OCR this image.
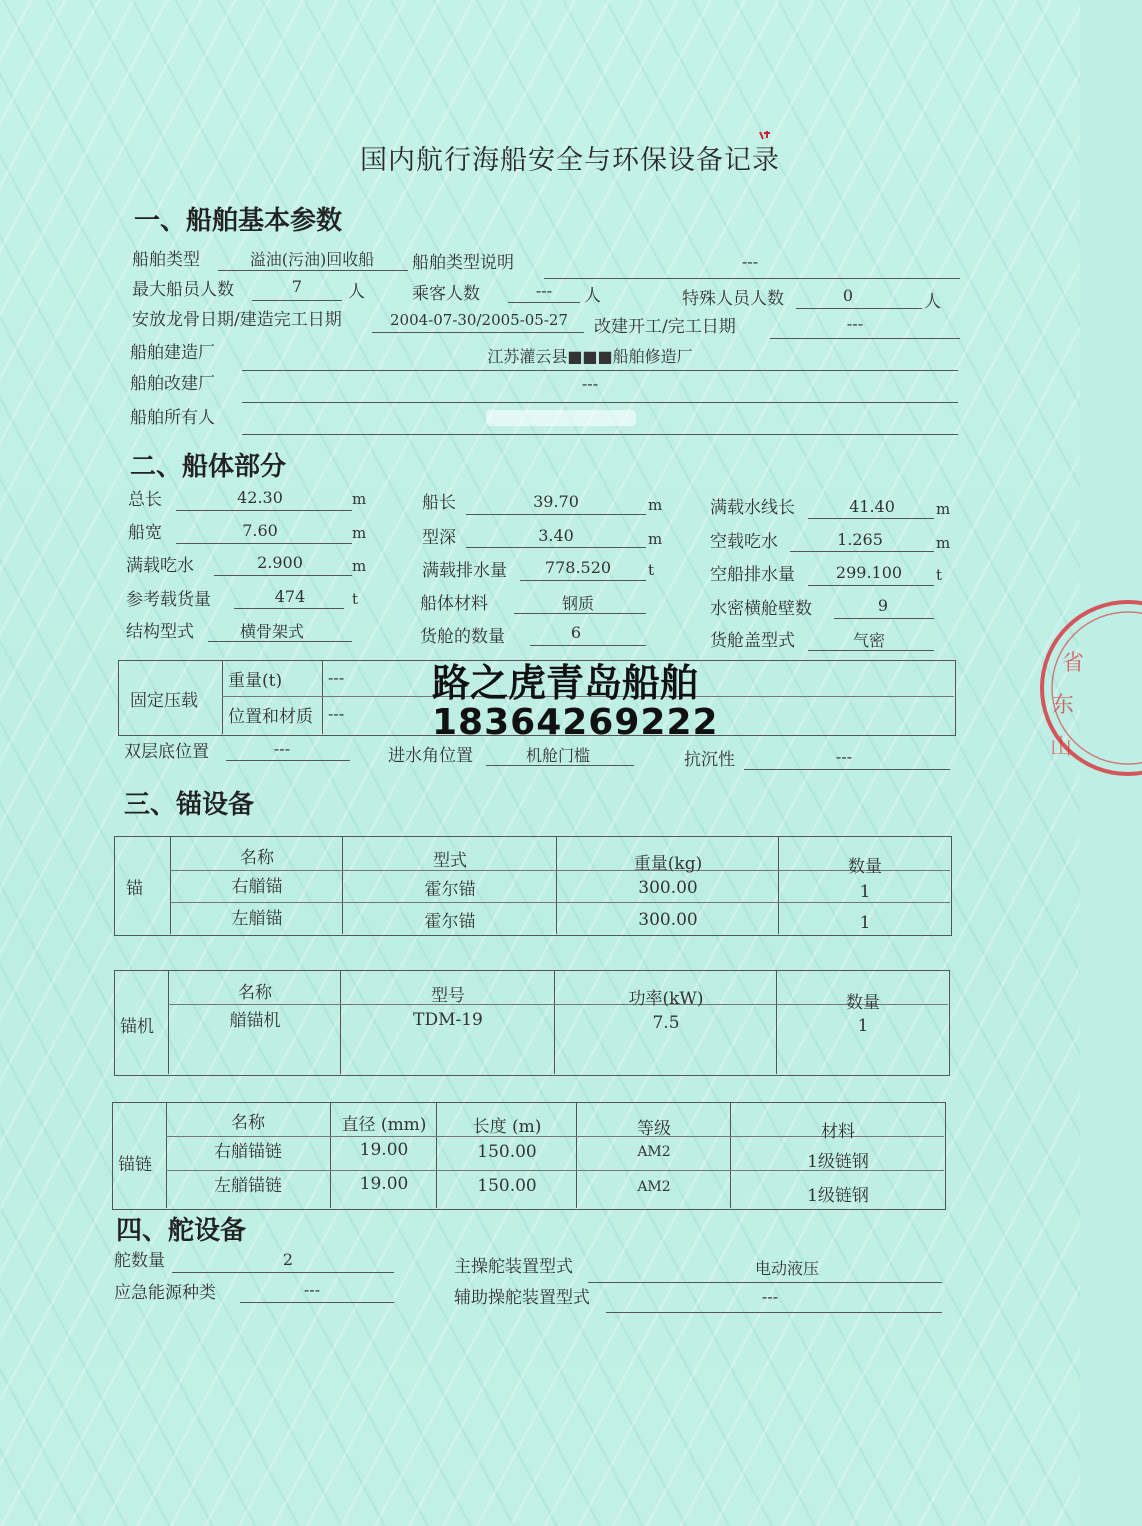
国内航行海船安全与环保设备记录
一、船舶基本参数
船舶类型	溢油(污油)回收船	船舶类型说明	---
最大船员人数	7	人	乘客人数	---	人	特殊人员人数	0	人
安放龙骨日期/建造完工日期	2004-07-30/2005-05-27	改建开工/完工日期	---
船舶建造厂	江苏灌云县■■■船舶修造厂
船舶改建厂	---
船舶所有人
二、船体部分
总长	42.30	m	船长	39.70	m	满载水线长	41.40	m
船宽	7.60	m	型深	3.40	m	空载吃水	1.265	m
满载吃水	2.900	m	满载排水量	778.520	t	空船排水量	299.100	t
参考载货量	474	t	船体材料	钢质	水密横舱壁数	9
结构型式	横骨架式	货舱的数量	6	货舱盖型式	气密
固定压载
重量(t)	---
位置和材质 ---
双层底位置	---	进水角位置	机舱门槛	抗沉性	---
三、锚设备
锚
名称	型式	重量(kg)	数量
右艏锚	霍尔锚	300.00	1
左艏锚	霍尔锚	300.00	1
锚机
名称	型号	功率(kW)	数量
艏锚机	TDM-19	7.5	1
锚链
名称	直径 (mm)	长度 (m)	等级	材料
右艏锚链	19.00	150.00	AM2	1级链钢
左艏锚链	19.00	150.00	AM2	1级链钢
四、舵设备
舵数量	2	主操舵装置型式	电动液压
应急能源种类	---	辅助操舵装置型式	---
路之虎青岛船舶
18364269222
省
东
山
